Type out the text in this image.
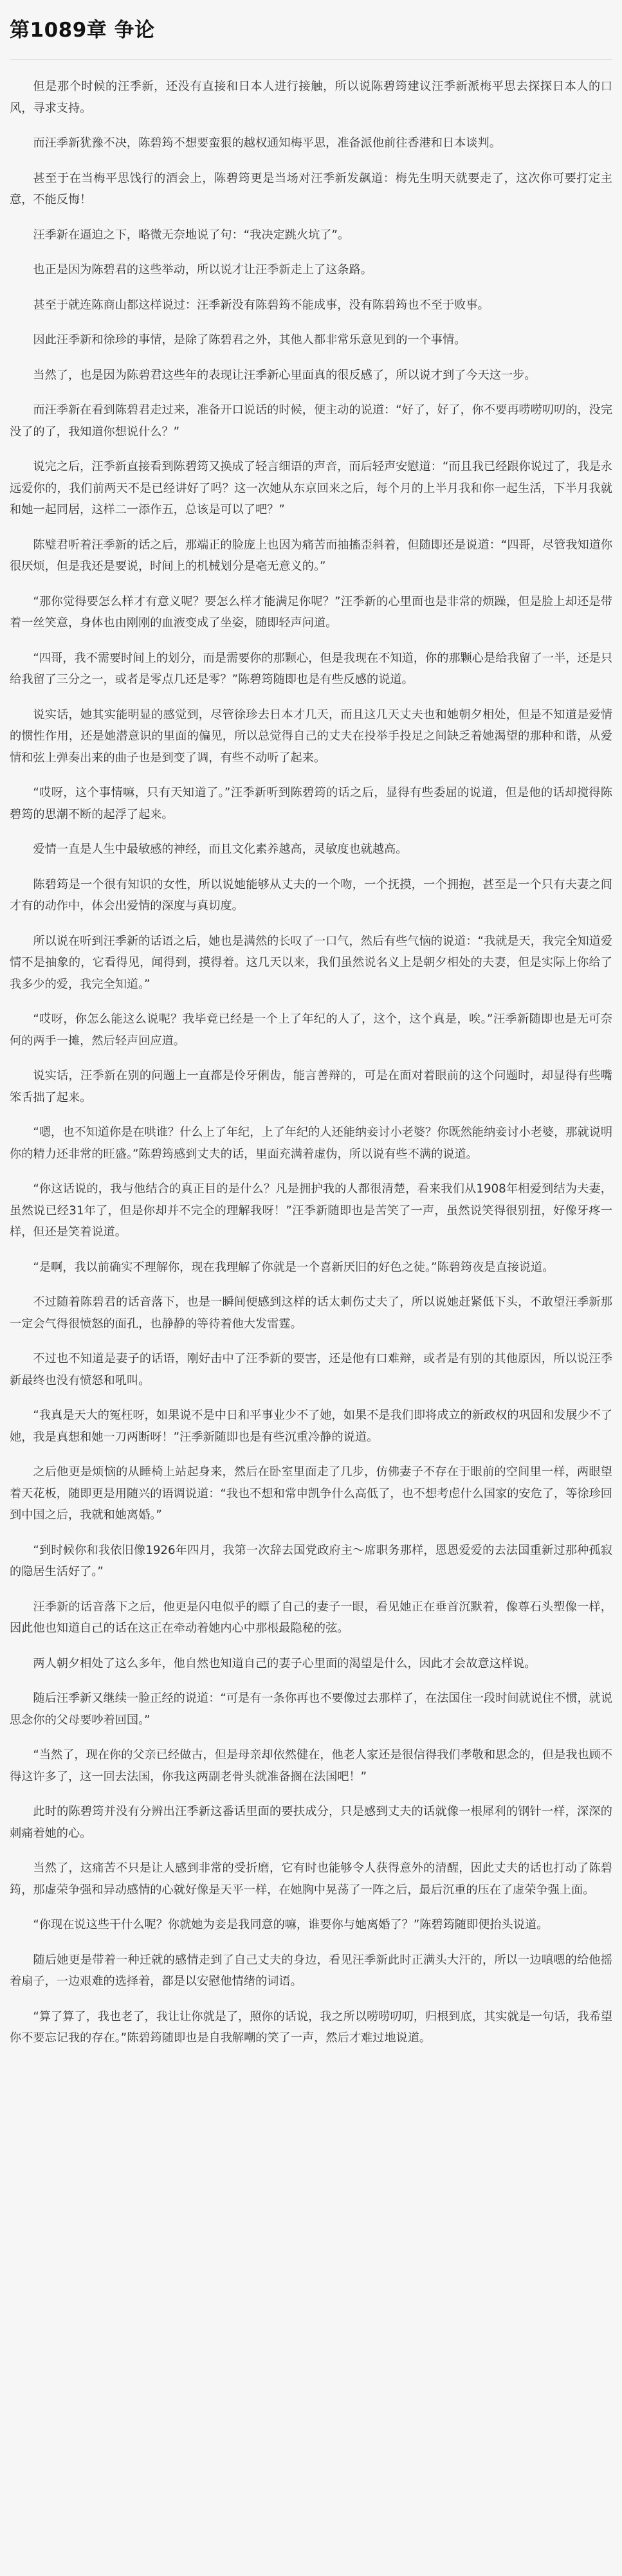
第1089章 争论

但是那个时候的汪季新，还没有直接和日本人进行接触，所以说陈碧筠建议汪季新派梅平思去探探日本人的口风，寻求支持。

而汪季新犹豫不决，陈碧筠不想要蛮狠的越权通知梅平思，准备派他前往香港和日本谈判。

甚至于在当梅平思饯行的酒会上，陈碧筠更是当场对汪季新发飙道：梅先生明天就要走了，这次你可要打定主意，不能反悔！

汪季新在逼迫之下，略微无奈地说了句：“我决定跳火坑了”。

也正是因为陈碧君的这些举动，所以说才让汪季新走上了这条路。

甚至于就连陈商山都这样说过：汪季新没有陈碧筠不能成事，没有陈碧筠也不至于败事。

因此汪季新和徐珍的事情，是除了陈碧君之外，其他人都非常乐意见到的一个事情。

当然了，也是因为陈碧君这些年的表现让汪季新心里面真的很反感了，所以说才到了今天这一步。

而汪季新在看到陈碧君走过来，准备开口说话的时候，便主动的说道：“好了，好了，你不要再唠唠叨叨的，没完没了的了，我知道你想说什么？”

说完之后，汪季新直接看到陈碧筠又换成了轻言细语的声音，而后轻声安慰道：“而且我已经跟你说过了，我是永远爱你的，我们前两天不是已经讲好了吗？这一次她从东京回来之后，每个月的上半月我和你一起生活，下半月我就和她一起同居，这样二一添作五，总该是可以了吧？”

陈璧君听着汪季新的话之后，那端正的脸庞上也因为痛苦而抽搐歪斜着，但随即还是说道：“四哥，尽管我知道你很厌烦，但是我还是要说，时间上的机械划分是毫无意义的。”

“那你觉得要怎么样才有意义呢？要怎么样才能满足你呢？”汪季新的心里面也是非常的烦躁，但是脸上却还是带着一丝笑意，身体也由刚刚的血液变成了坐姿，随即轻声问道。

“四哥，我不需要时间上的划分，而是需要你的那颗心，但是我现在不知道，你的那颗心是给我留了一半，还是只给我留了三分之一，或者是零点几还是零？”陈碧筠随即也是有些反感的说道。

说实话，她其实能明显的感觉到，尽管徐珍去日本才几天，而且这几天丈夫也和她朝夕相处，但是不知道是爱情的惯性作用，还是她潜意识的里面的偏见，所以总觉得自己的丈夫在投举手投足之间缺乏着她渴望的那种和谐，从爱情和弦上弹奏出来的曲子也是到变了调，有些不动听了起来。

“哎呀，这个事情嘛，只有天知道了。”汪季新听到陈碧筠的话之后，显得有些委屈的说道，但是他的话却搅得陈碧筠的思潮不断的起浮了起来。

爱情一直是人生中最敏感的神经，而且文化素养越高，灵敏度也就越高。

陈碧筠是一个很有知识的女性，所以说她能够从丈夫的一个吻，一个抚摸，一个拥抱，甚至是一个只有夫妻之间才有的动作中，体会出爱情的深度与真切度。

所以说在听到汪季新的话语之后，她也是满然的长叹了一口气，然后有些气恼的说道：“我就是天，我完全知道爱情不是抽象的，它看得见，闻得到，摸得着。这几天以来，我们虽然说名义上是朝夕相处的夫妻，但是实际上你给了我多少的爱，我完全知道。”

“哎呀，你怎么能这么说呢？我毕竟已经是一个上了年纪的人了，这个，这个真是，唉。”汪季新随即也是无可奈何的两手一摊，然后轻声回应道。

说实话，汪季新在别的问题上一直都是伶牙俐齿，能言善辩的，可是在面对着眼前的这个问题时，却显得有些嘴笨舌拙了起来。

“嗯，也不知道你是在哄谁？什么上了年纪，上了年纪的人还能纳妾讨小老婆？你既然能纳妾讨小老婆，那就说明你的精力还非常的旺盛。”陈碧筠感到丈夫的话，里面充满着虚伪，所以说有些不满的说道。

“你这话说的，我与他结合的真正目的是什么？凡是拥护我的人都很清楚，看来我们从1908年相爱到结为夫妻，虽然说已经31年了，但是你却并不完全的理解我呀！”汪季新随即也是苦笑了一声，虽然说笑得很别扭，好像牙疼一样，但还是笑着说道。

“是啊，我以前确实不理解你，现在我理解了你就是一个喜新厌旧的好色之徒。”陈碧筠夜是直接说道。

不过随着陈碧君的话音落下，也是一瞬间便感到这样的话太刺伤丈夫了，所以说她赶紧低下头，不敢望汪季新那一定会气得很愤怒的面孔，也静静的等待着他大发雷霆。

不过也不知道是妻子的话语，刚好击中了汪季新的要害，还是他有口难辩，或者是有别的其他原因，所以说汪季新最终也没有愤怒和吼叫。

“我真是天大的冤枉呀，如果说不是中日和平事业少不了她，如果不是我们即将成立的新政权的巩固和发展少不了她，我是真想和她一刀两断呀！”汪季新随即也是有些沉重冷静的说道。

之后他更是烦恼的从睡椅上站起身来，然后在卧室里面走了几步，仿佛妻子不存在于眼前的空间里一样，两眼望着天花板，随即更是用随兴的语调说道：“我也不想和常申凯争什么高低了，也不想考虑什么国家的安危了，等徐珍回到中国之后，我就和她离婚。”

“到时候你和我依旧像1926年四月，我第一次辞去国党政府主～席职务那样，恩恩爱爱的去法国重新过那种孤寂的隐居生活好了。”

汪季新的话音落下之后，他更是闪电似乎的瞟了自己的妻子一眼，看见她正在垂首沉默着，像尊石头塑像一样，因此他也知道自己的话在这正在牵动着她内心中那根最隐秘的弦。

两人朝夕相处了这么多年，他自然也知道自己的妻子心里面的渴望是什么，因此才会故意这样说。

随后汪季新又继续一脸正经的说道：“可是有一条你再也不要像过去那样了，在法国住一段时间就说住不惯，就说思念你的父母要吵着回国。”

“当然了，现在你的父亲已经做古，但是母亲却依然健在，他老人家还是很信得我们孝敬和思念的，但是我也顾不得这许多了，这一回去法国，你我这两副老骨头就准备搁在法国吧！”

此时的陈碧筠并没有分辨出汪季新这番话里面的要扶成分，只是感到丈夫的话就像一根犀利的钢针一样，深深的刺痛着她的心。

当然了，这痛苦不只是让人感到非常的受折磨，它有时也能够令人获得意外的清醒，因此丈夫的话也打动了陈碧筠，那虚荣争强和异动感情的心就好像是天平一样，在她胸中晃荡了一阵之后，最后沉重的压在了虚荣争强上面。

“你现在说这些干什么呢？你就她为妾是我同意的嘛，谁要你与她离婚了？”陈碧筠随即便抬头说道。

随后她更是带着一种迁就的感情走到了自己丈夫的身边，看见汪季新此时正满头大汗的，所以一边嗔嗯的给他摇着扇子，一边艰难的选择着，都是以安慰他情绪的词语。

“算了算了，我也老了，我让让你就是了，照你的话说，我之所以唠唠叨叨，归根到底，其实就是一句话，我希望你不要忘记我的存在。”陈碧筠随即也是自我解嘲的笑了一声，然后才难过地说道。
